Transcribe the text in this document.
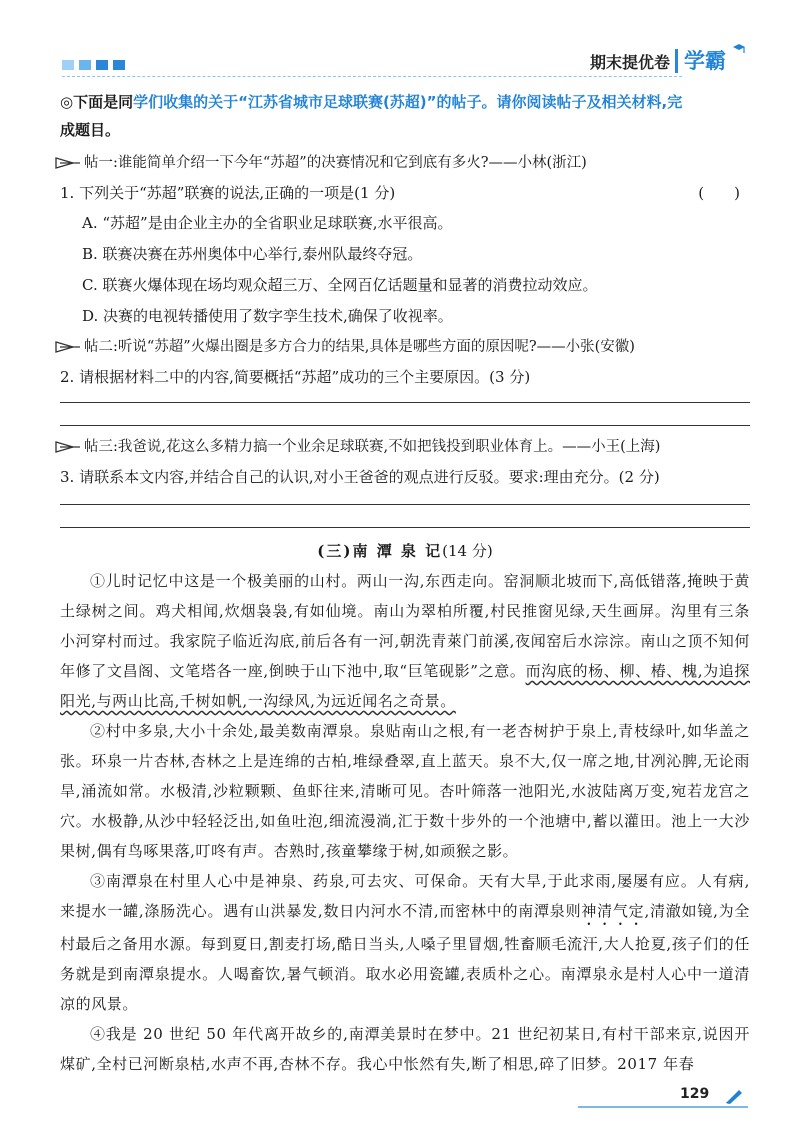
期末提优卷 学霸

◎下面是同学们收集的关于“江苏省城市足球联赛(苏超)”的帖子。请你阅读帖子及相关材料,完
成题目。

帖一:谁能简单介绍一下今年“苏超”的决赛情况和它到底有多火?——小林(浙江)
1. 下列关于“苏超”联赛的说法,正确的一项是(1 分)	(　　)
A. “苏超”是由企业主办的全省职业足球联赛,水平很高。
B. 联赛决赛在苏州奥体中心举行,泰州队最终夺冠。
C. 联赛火爆体现在场均观众超三万、全网百亿话题量和显著的消费拉动效应。
D. 决赛的电视转播使用了数字孪生技术,确保了收视率。
帖二:听说“苏超”火爆出圈是多方合力的结果,具体是哪些方面的原因呢?——小张(安徽)
2. 请根据材料二中的内容,简要概括“苏超”成功的三个主要原因。(3 分)
帖三:我爸说,花这么多精力搞一个业余足球联赛,不如把钱投到职业体育上。——小王(上海)
3. 请联系本文内容,并结合自己的认识,对小王爸爸的观点进行反驳。要求:理由充分。(2 分)
(三)南 潭 泉 记(14 分)

①儿时记忆中这是一个极美丽的山村。两山一沟,东西走向。窑洞顺北坡而下,高低错落,掩映于黄土绿树之间。鸡犬相闻,炊烟袅袅,有如仙境。南山为翠柏所覆,村民推窗见绿,天生画屏。沟里有三条小河穿村而过。我家院子临近沟底,前后各有一河,朝洗青萊门前溪,夜闻窑后水淙淙。南山之顶不知何年修了文昌阁、文笔塔各一座,倒映于山下池中,取“巨笔砚影”之意。而沟底的杨、柳、椿、槐,为追探阳光,与两山比高,千树如帆,一沟绿风,为远近闻名之奇景。

②村中多泉,大小十余处,最美数南潭泉。泉贴南山之根,有一老杏树护于泉上,青枝绿叶,如华盖之张。环泉一片杏林,杏林之上是连绵的古柏,堆绿叠翠,直上蓝天。泉不大,仅一席之地,甘冽沁脾,无论雨旱,涌流如常。水极清,沙粒颗颗、鱼虾往来,清晰可见。杏叶筛落一池阳光,水波陆离万变,宛若龙宫之穴。水极静,从沙中轻轻泛出,如鱼吐泡,细流漫淌,汇于数十步外的一个池塘中,蓄以灌田。池上一大沙果树,偶有鸟啄果落,叮咚有声。杏熟时,孩童攀缘于树,如顽猴之影。

③南潭泉在村里人心中是神泉、药泉,可去灾、可保命。天有大旱,于此求雨,屡屡有应。人有病,来提水一罐,涤肠洗心。遇有山洪暴发,数日内河水不清,而密林中的南潭泉则神清气定,清澈如镜,为全村最后之备用水源。每到夏日,割麦打场,酷日当头,人嗓子里冒烟,牲畜顺毛流汗,大人抢夏,孩子们的任务就是到南潭泉提水。人喝畜饮,暑气顿消。取水必用瓷罐,表质朴之心。南潭泉永是村人心中一道清凉的风景。

④我是 20 世纪 50 年代离开故乡的,南潭美景时在梦中。21 世纪初某日,有村干部来京,说因开煤矿,全村已河断泉枯,水声不再,杏林不存。我心中怅然有失,断了相思,碎了旧梦。2017 年春

129
